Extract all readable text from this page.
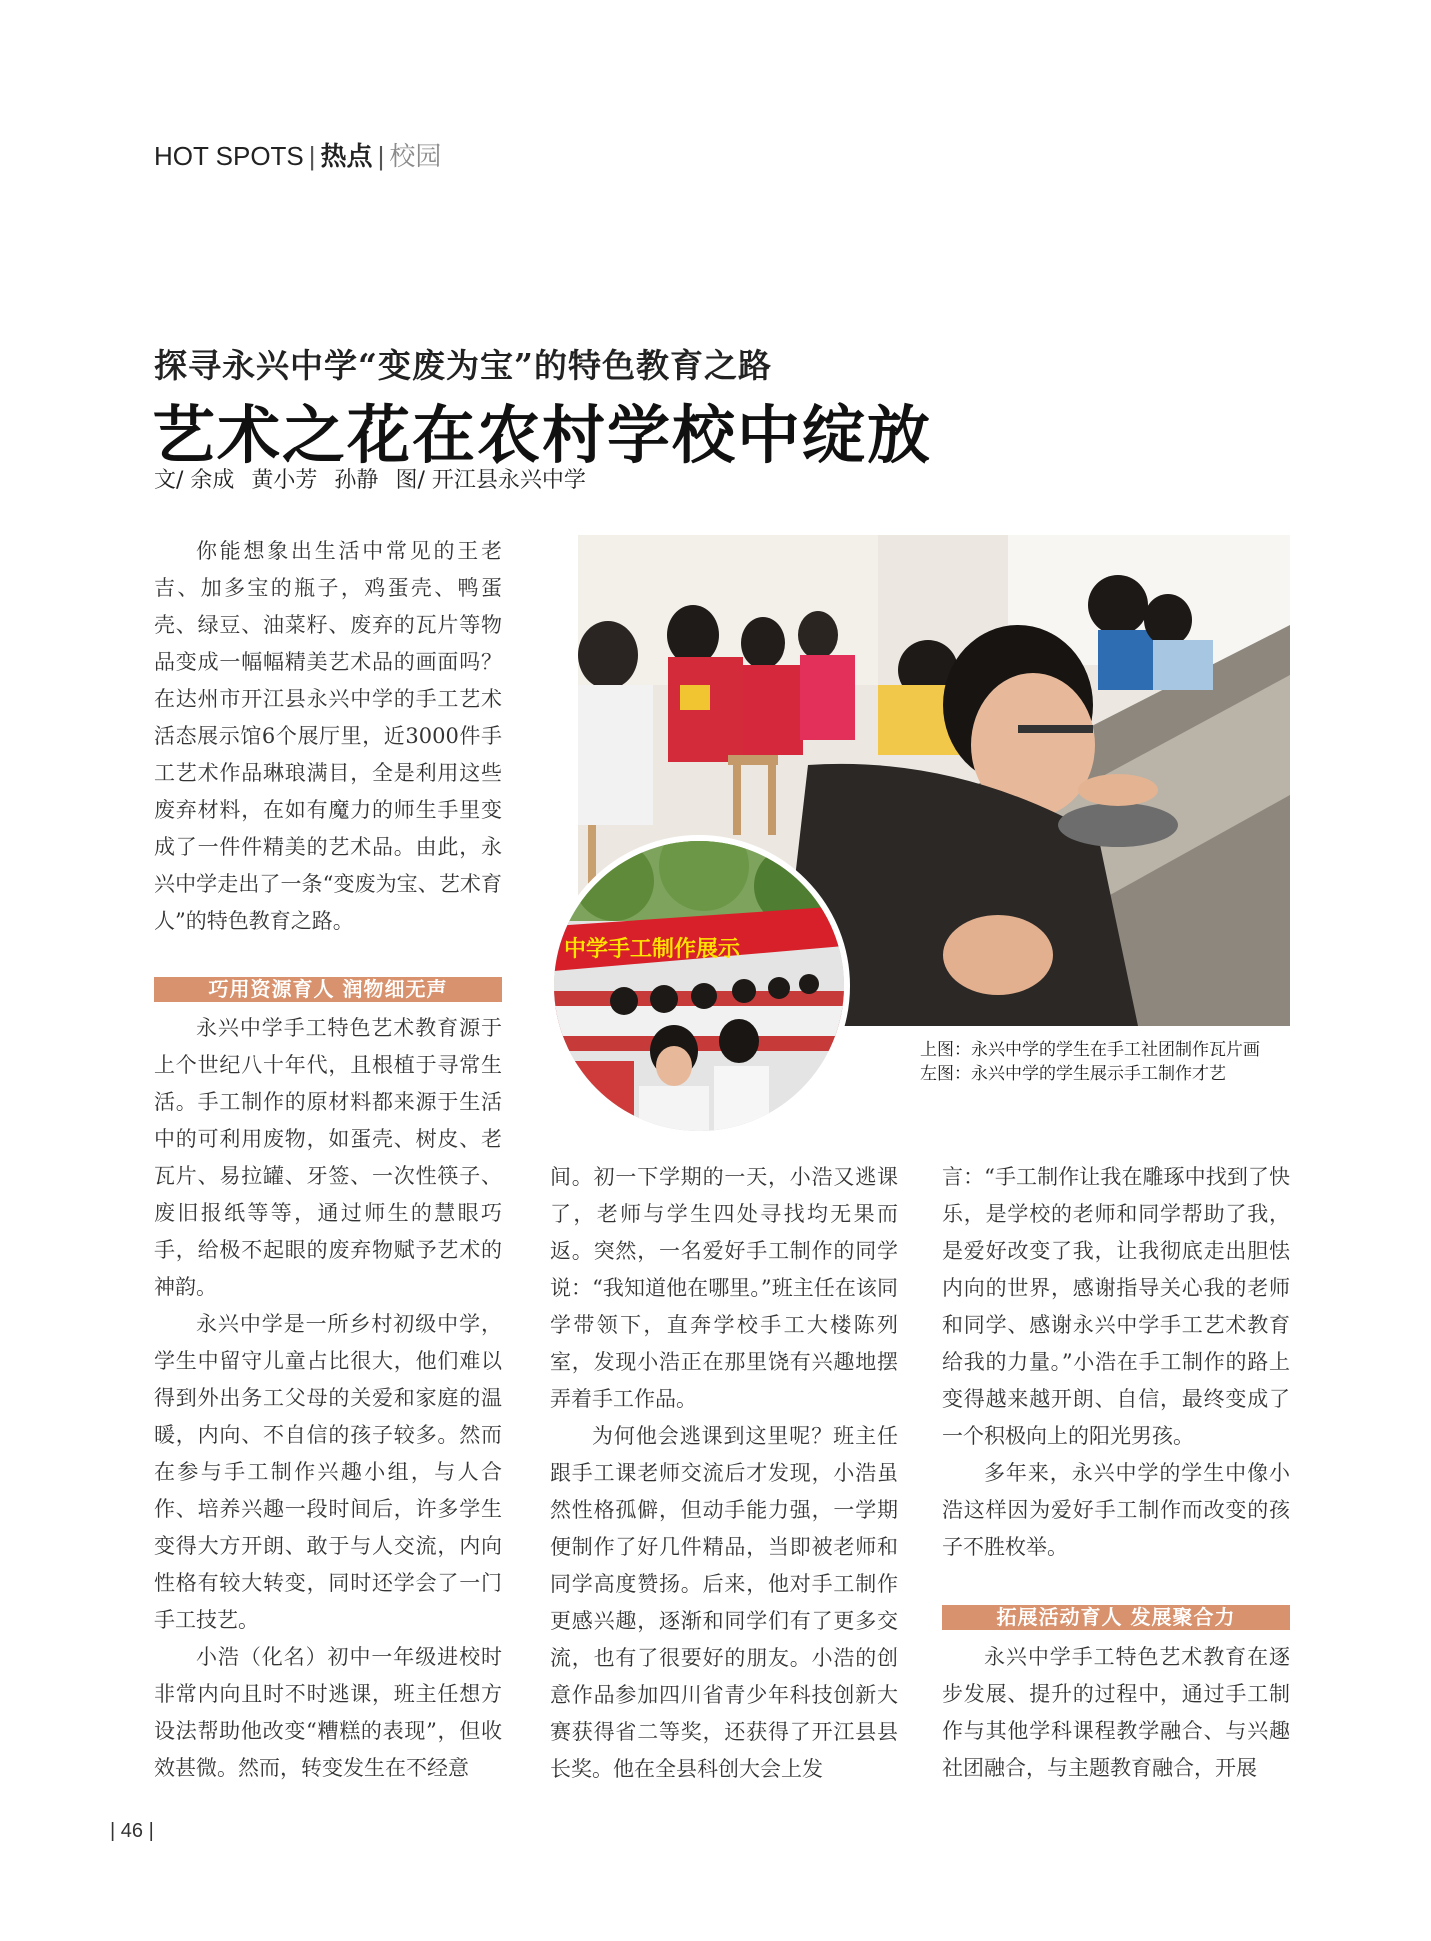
HOT SPOTS | 热点 | 校园
探寻永兴中学“变废为宝”的特色教育之路
艺术之花在农村学校中绽放
文/ 余成 黄小芳 孙静 图/ 开江县永兴中学

你能想象出生活中常见的王老吉、加多宝的瓶子，鸡蛋壳、鸭蛋壳、绿豆、油菜籽、废弃的瓦片等物品变成一幅幅精美艺术品的画面吗？在达州市开江县永兴中学的手工艺术活态展示馆6个展厅里，近3000件手工艺术作品琳琅满目，全是利用这些废弃材料，在如有魔力的师生手里变成了一件件精美的艺术品。由此，永兴中学走出了一条“变废为宝、艺术育人”的特色教育之路。

巧用资源育人 润物细无声

永兴中学手工特色艺术教育源于上个世纪八十年代，且根植于寻常生活。手工制作的原材料都来源于生活中的可利用废物，如蛋壳、树皮、老瓦片、易拉罐、牙签、一次性筷子、废旧报纸等等，通过师生的慧眼巧手，给极不起眼的废弃物赋予艺术的神韵。

永兴中学是一所乡村初级中学，学生中留守儿童占比很大，他们难以得到外出务工父母的关爱和家庭的温暖，内向、不自信的孩子较多。然而在参与手工制作兴趣小组，与人合作、培养兴趣一段时间后，许多学生变得大方开朗、敢于与人交流，内向性格有较大转变，同时还学会了一门手工技艺。

小浩（化名）初中一年级进校时非常内向且时不时逃课，班主任想方设法帮助他改变“糟糕的表现”，但收效甚微。然而，转变发生在不经意

间。初一下学期的一天，小浩又逃课了，老师与学生四处寻找均无果而返。突然，一名爱好手工制作的同学说：“我知道他在哪里。”班主任在该同学带领下，直奔学校手工大楼陈列室，发现小浩正在那里饶有兴趣地摆弄着手工作品。

为何他会逃课到这里呢？班主任跟手工课老师交流后才发现，小浩虽然性格孤僻，但动手能力强，一学期便制作了好几件精品，当即被老师和同学高度赞扬。后来，他对手工制作更感兴趣，逐渐和同学们有了更多交流，也有了很要好的朋友。小浩的创意作品参加四川省青少年科技创新大赛获得省二等奖，还获得了开江县县长奖。他在全县科创大会上发

言：“手工制作让我在雕琢中找到了快乐，是学校的老师和同学帮助了我，是爱好改变了我，让我彻底走出胆怯内向的世界，感谢指导关心我的老师和同学、感谢永兴中学手工艺术教育给我的力量。”小浩在手工制作的路上变得越来越开朗、自信，最终变成了一个积极向上的阳光男孩。

多年来，永兴中学的学生中像小浩这样因为爱好手工制作而改变的孩子不胜枚举。

拓展活动育人 发展聚合力

永兴中学手工特色艺术教育在逐步发展、提升的过程中，通过手工制作与其他学科课程教学融合、与兴趣社团融合，与主题教育融合，开展

中学手工制作展示
上图：永兴中学的学生在手工社团制作瓦片画
左图：永兴中学的学生展示手工制作才艺
| 46 |
